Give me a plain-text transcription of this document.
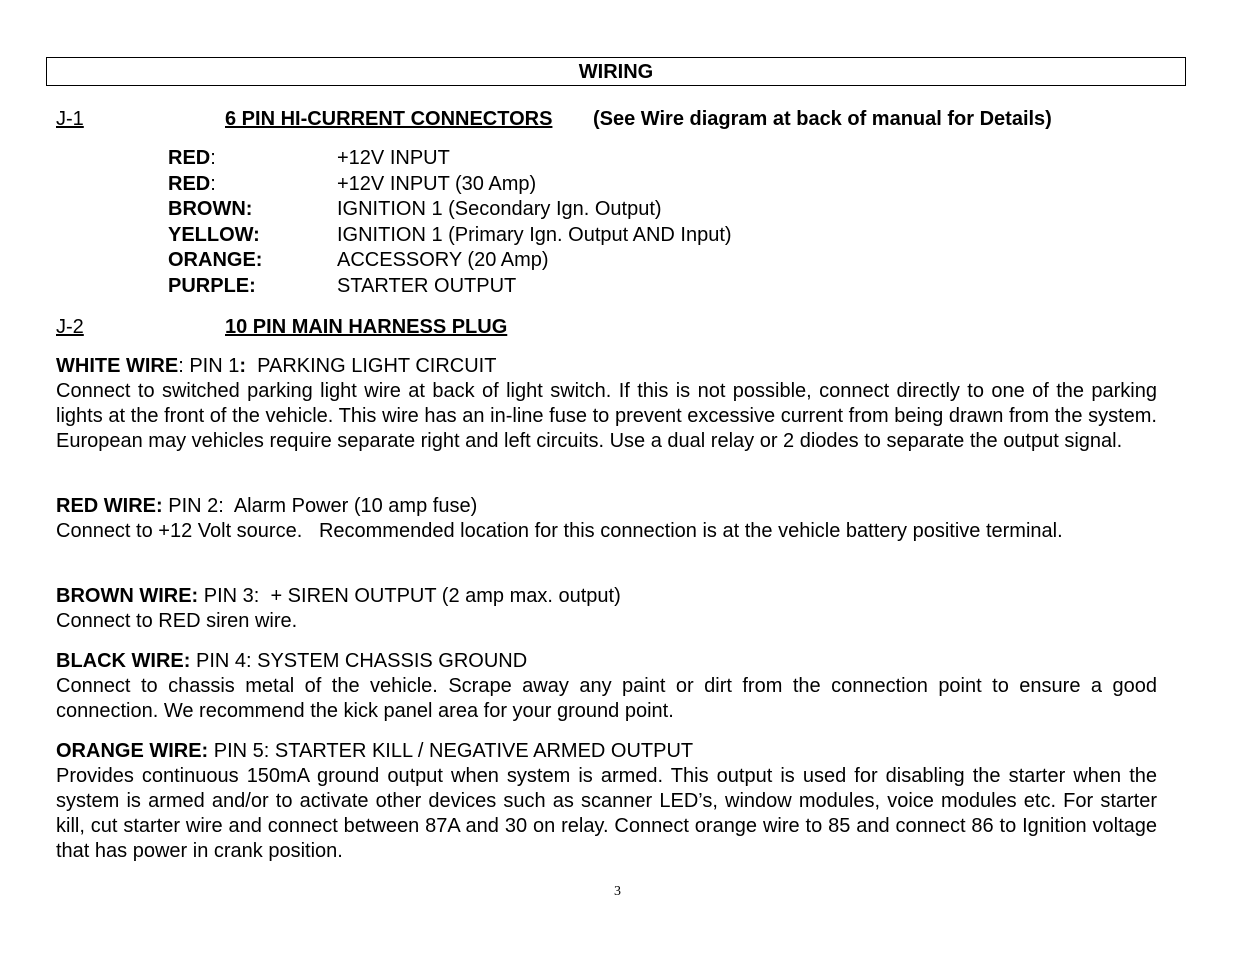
WIRING
J-1	6 PIN HI-CURRENT CONNECTORS (See Wire diagram at back of manual for Details)
RED:	+12V INPUT
RED:	+12V INPUT (30 Amp)
BROWN:	IGNITION 1 (Secondary Ign. Output)
YELLOW:	IGNITION 1 (Primary Ign. Output AND Input)
ORANGE:	ACCESSORY (20 Amp)
PURPLE:	STARTER OUTPUT
J-2	10 PIN MAIN HARNESS PLUG
WHITE WIRE: PIN 1:  PARKING LIGHT CIRCUIT
Connect to switched parking light wire at back of light switch. If this is not possible, connect directly to one of the parking lights at the front of the vehicle. This wire has an in-line fuse to prevent excessive current from being drawn from the system. European may vehicles require separate right and left circuits. Use a dual relay or 2 diodes to separate the output signal.
RED WIRE: PIN 2:  Alarm Power (10 amp fuse)
Connect to +12 Volt source.   Recommended location for this connection is at the vehicle battery positive terminal.
BROWN WIRE: PIN 3:  + SIREN OUTPUT (2 amp max. output)
Connect to RED siren wire.
BLACK WIRE: PIN 4: SYSTEM CHASSIS GROUND
Connect to chassis metal of the vehicle. Scrape away any paint or dirt from the connection point to ensure a good connection. We recommend the kick panel area for your ground point.
ORANGE WIRE: PIN 5: STARTER KILL / NEGATIVE ARMED OUTPUT
Provides continuous 150mA ground output when system is armed. This output is used for disabling the starter when the system is armed and/or to activate other devices such as scanner LED’s, window modules, voice modules etc. For starter kill, cut starter wire and connect between 87A and 30 on relay. Connect orange wire to 85 and connect 86 to Ignition voltage that has power in crank position.
3
